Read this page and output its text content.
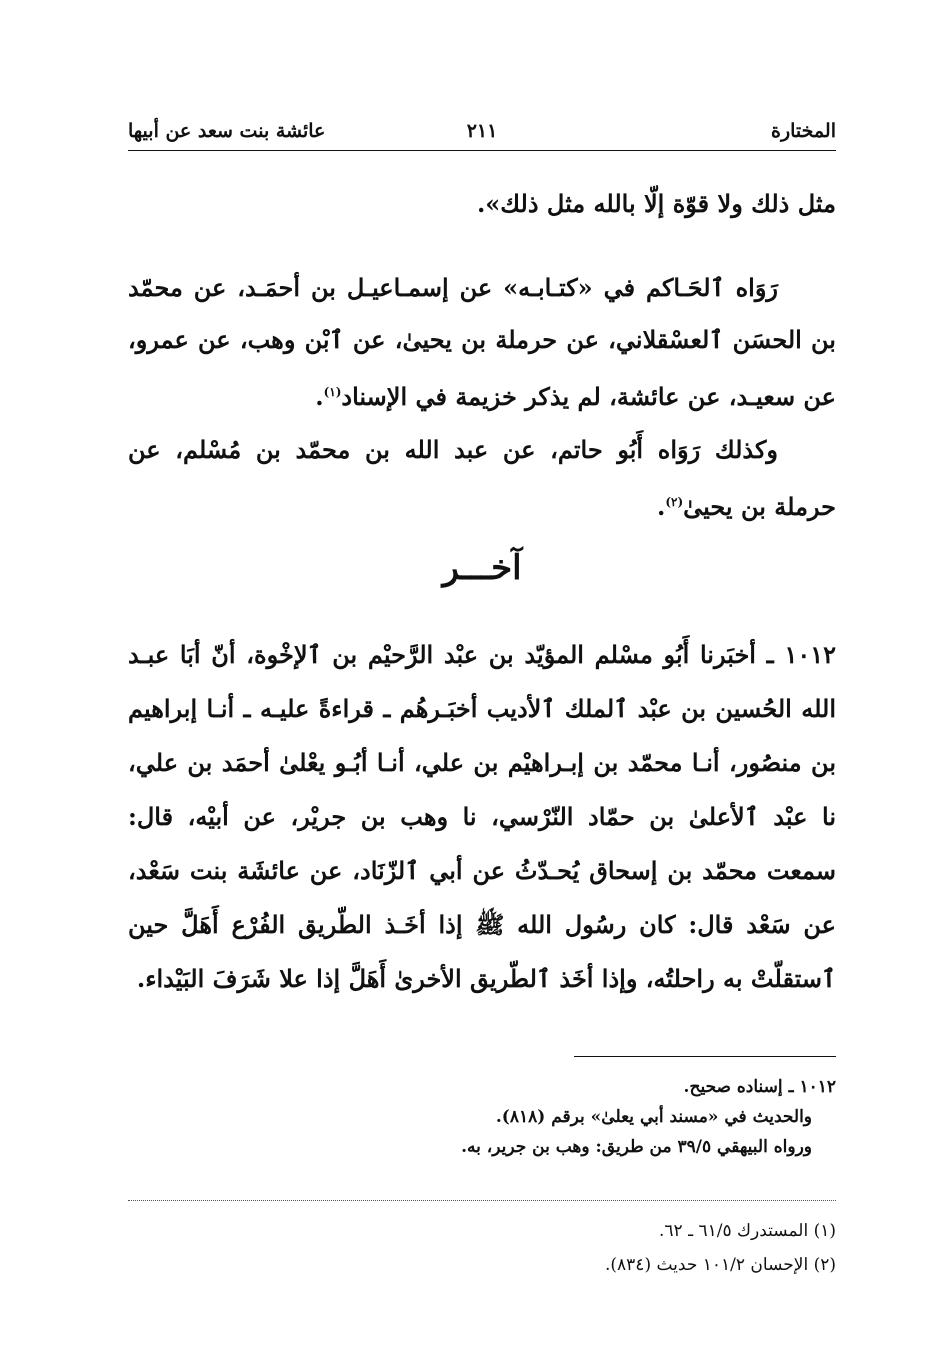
المختارة
٢١١
عائشة بنت سعد عن أبيها
مثل ذلك ولا قوّة إلّا بالله مثل ذلك».
رَوَاه ٱلحَـاكم في «كتـابـه» عن إسمـاعيـل بن أحمَـد، عن محمّد بن الحسَن ٱلعسْقلاني، عن حرملة بن يحيىٰ، عن ٱبْن وهب، عن عمرو، عن سعيـد، عن عائشة، لم يذكر خزيمة في الإسناد$^{(١)}$.
وكذلك رَوَاه أَبُو حاتم، عن عبد الله بن محمّد بن مُسْلم، عن حرملة بن يحيىٰ$^{(٢)}$.
آخـــر
١٠١٢ ـ أخبَرنا أَبُو مسْلم المؤيّد بن عبْد الرَّحيْم بن ٱلإخْوة، أنّ أبَا عبـد الله الحُسين بن عبْد ٱلملك ٱلأديب أخبَـرهُم ـ قراءةً عليـه ـ أنـا إبراهيم بن منصُور، أنـا محمّد بن إبـراهيْم بن علي، أنـا أبُـو يعْلىٰ أحمَد بن علي، نا عبْد ٱلأعلىٰ بن حمّاد النّرْسي، نا وهب بن جريْر، عن أبيْه، قال: سمعت محمّد بن إسحاق يُحـدّثُ عن أبي ٱلزّنَاد، عن عائشَة بنت سَعْد، عن سَعْد قال: كان رسُول الله ﷺ إذا أخَـذ الطّريق الفُرْع أَهَلَّ حين ٱستقلّتْ به راحلتُه، وإذا أخَذ ٱلطّريق الأخرىٰ أَهَلَّ إذا علا شَرَفَ البَيْداء.
١٠١٢ ـ إسناده صحيح.
والحديث في «مسند أبي يعلىٰ» برقم (٨١٨).
ورواه البيهقي ٣٩/٥ من طريق: وهب بن جرير، به.
(١) المستدرك ٦١/٥ ـ ٦٢.
(٢) الإحسان ١٠١/٢ حديث (٨٣٤).
